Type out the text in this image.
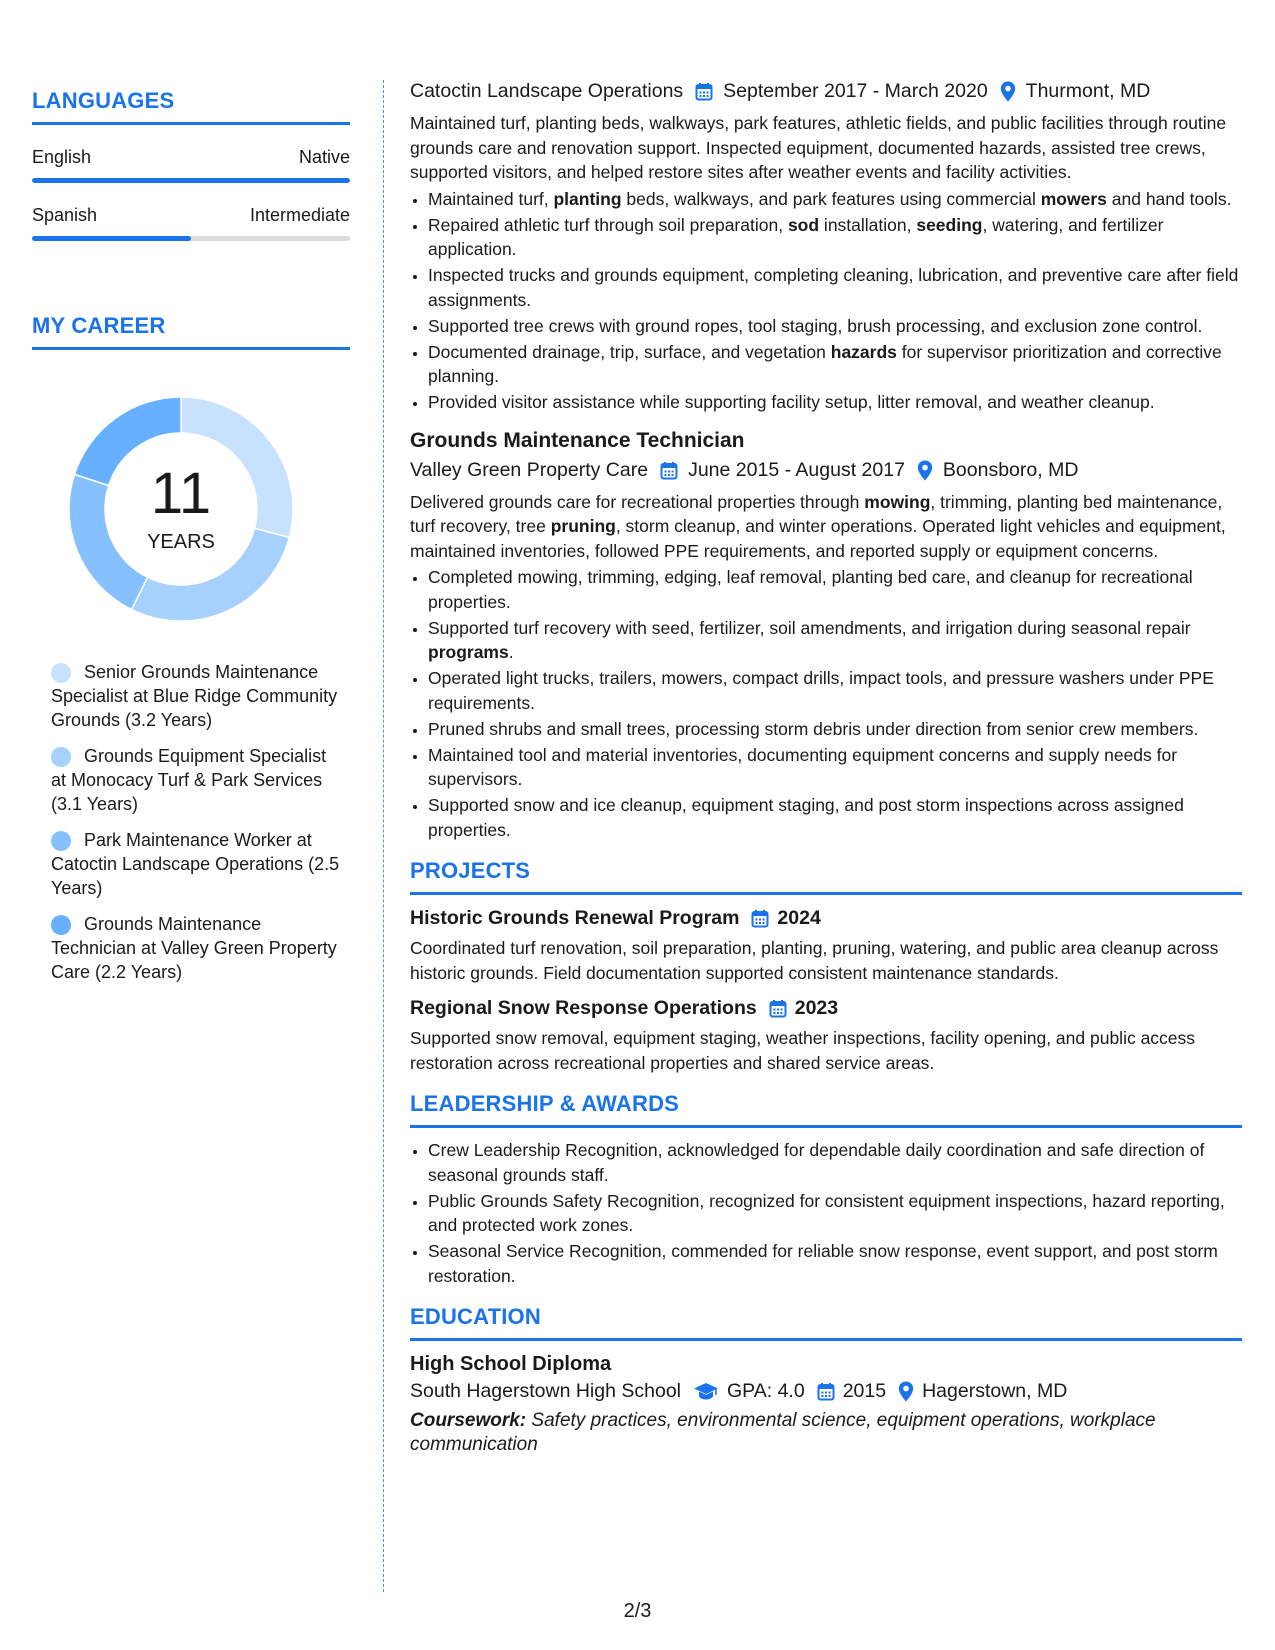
LANGUAGES
English	Native
Spanish	Intermediate
MY CAREER
11
YEARS
Senior Grounds Maintenance Specialist at Blue Ridge Community Grounds (3.2 Years)
Grounds Equipment Specialist at Monocacy Turf & Park Services (3.1 Years)
Park Maintenance Worker at Catoctin Landscape Operations (2.5 Years)
Grounds Maintenance Technician at Valley Green Property Care (2.2 Years)
Catoctin Landscape Operations September 2017 - March 2020 Thurmont, MD

Maintained turf, planting beds, walkways, park features, athletic fields, and public facilities through routine grounds care and renovation support. Inspected equipment, documented hazards, assisted tree crews, supported visitors, and helped restore sites after weather events and facility activities.

• Maintained turf, planting beds, walkways, and park features using commercial mowers and hand tools.
• Repaired athletic turf through soil preparation, sod installation, seeding, watering, and fertilizer application.
• Inspected trucks and grounds equipment, completing cleaning, lubrication, and preventive care after field assignments.
• Supported tree crews with ground ropes, tool staging, brush processing, and exclusion zone control.
• Documented drainage, trip, surface, and vegetation hazards for supervisor prioritization and corrective planning.
• Provided visitor assistance while supporting facility setup, litter removal, and weather cleanup.
Grounds Maintenance Technician
Valley Green Property Care June 2015 - August 2017 Boonsboro, MD

Delivered grounds care for recreational properties through mowing, trimming, planting bed maintenance, turf recovery, tree pruning, storm cleanup, and winter operations. Operated light vehicles and equipment, maintained inventories, followed PPE requirements, and reported supply or equipment concerns.

• Completed mowing, trimming, edging, leaf removal, planting bed care, and cleanup for recreational properties.
• Supported turf recovery with seed, fertilizer, soil amendments, and irrigation during seasonal repair programs.
• Operated light trucks, trailers, mowers, compact drills, impact tools, and pressure washers under PPE requirements.
• Pruned shrubs and small trees, processing storm debris under direction from senior crew members.
• Maintained tool and material inventories, documenting equipment concerns and supply needs for supervisors.
• Supported snow and ice cleanup, equipment staging, and post storm inspections across assigned properties.
PROJECTS
Historic Grounds Renewal Program 2024

Coordinated turf renovation, soil preparation, planting, pruning, watering, and public area cleanup across historic grounds. Field documentation supported consistent maintenance standards.

Regional Snow Response Operations 2023

Supported snow removal, equipment staging, weather inspections, facility opening, and public access restoration across recreational properties and shared service areas.

LEADERSHIP & AWARDS
• Crew Leadership Recognition, acknowledged for dependable daily coordination and safe direction of seasonal grounds staff.
• Public Grounds Safety Recognition, recognized for consistent equipment inspections, hazard reporting, and protected work zones.
• Seasonal Service Recognition, commended for reliable snow response, event support, and post storm restoration.
EDUCATION
High School Diploma
South Hagerstown High School GPA: 4.0 2015 Hagerstown, MD
Coursework: Safety practices, environmental science, equipment operations, workplace communication
2/3
